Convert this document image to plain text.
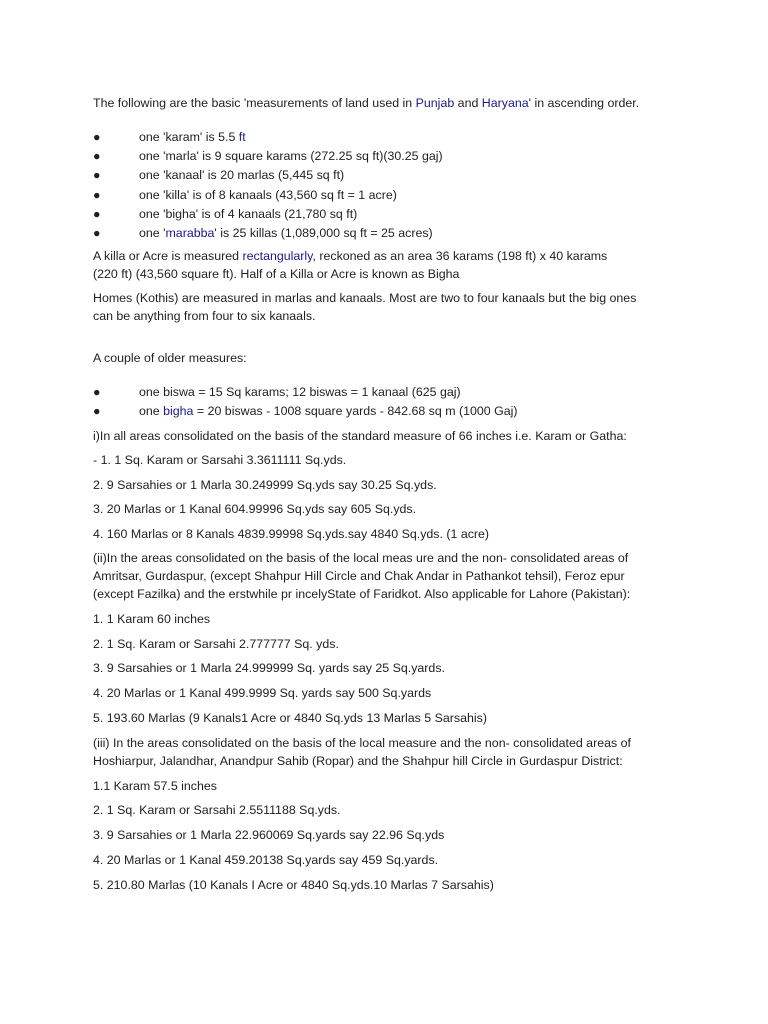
The following are the basic 'measurements of land used in Punjab and Haryana' in ascending order.
●	one 'karam' is 5.5 ft
●	one 'marla' is 9 square karams (272.25 sq ft)(30.25 gaj)
●	one 'kanaal' is 20 marlas (5,445 sq ft)
●	one 'killa' is of 8 kanaals (43,560 sq ft = 1 acre)
●	one 'bigha' is of 4 kanaals (21,780 sq ft)
●	one 'marabba' is 25 killas (1,089,000 sq ft = 25 acres)
A killa or Acre is measured rectangularly, reckoned as an area 36 karams (198 ft) x 40 karams
(220 ft) (43,560 square ft). Half of a Killa or Acre is known as Bigha
Homes (Kothis) are measured in marlas and kanaals. Most are two to four kanaals but the big ones
can be anything from four to six kanaals.
A couple of older measures:
●	one biswa = 15 Sq karams; 12 biswas = 1 kanaal (625 gaj)
●	one bigha = 20 biswas - 1008 square yards - 842.68 sq m (1000 Gaj)
i)In all areas consolidated on the basis of the standard measure of 66 inches i.e. Karam or Gatha:
- 1. 1 Sq. Karam or Sarsahi 3.3611111 Sq.yds.
2. 9 Sarsahies or 1 Marla 30.249999 Sq.yds say 30.25 Sq.yds.
3. 20 Marlas or 1 Kanal 604.99996 Sq.yds say 605 Sq.yds.
4. 160 Marlas or 8 Kanals 4839.99998 Sq.yds.say 4840 Sq.yds. (1 acre)
(ii)In the areas consolidated on the basis of the local meas ure and the non- consolidated areas of
Amritsar, Gurdaspur, (except Shahpur Hill Circle and Chak Andar in Pathankot tehsil), Feroz epur
(except Fazilka) and the erstwhile pr incelyState of Faridkot. Also applicable for Lahore (Pakistan):
1. 1 Karam 60 inches
2. 1 Sq. Karam or Sarsahi 2.777777 Sq. yds.
3. 9 Sarsahies or 1 Marla 24.999999 Sq. yards say 25 Sq.yards.
4. 20 Marlas or 1 Kanal 499.9999 Sq. yards say 500 Sq.yards
5. 193.60 Marlas (9 Kanals1 Acre or 4840 Sq.yds 13 Marlas 5 Sarsahis)
(iii) In the areas consolidated on the basis of the local measure and the non- consolidated areas of
Hoshiarpur, Jalandhar, Anandpur Sahib (Ropar) and the Shahpur hill Circle in Gurdaspur District:
1.1 Karam 57.5 inches
2. 1 Sq. Karam or Sarsahi 2.5511188 Sq.yds.
3. 9 Sarsahies or 1 Marla 22.960069 Sq.yards say 22.96 Sq.yds
4. 20 Marlas or 1 Kanal 459.20138 Sq.yards say 459 Sq.yards.
5. 210.80 Marlas (10 Kanals I Acre or 4840 Sq.yds.10 Marlas 7 Sarsahis)
